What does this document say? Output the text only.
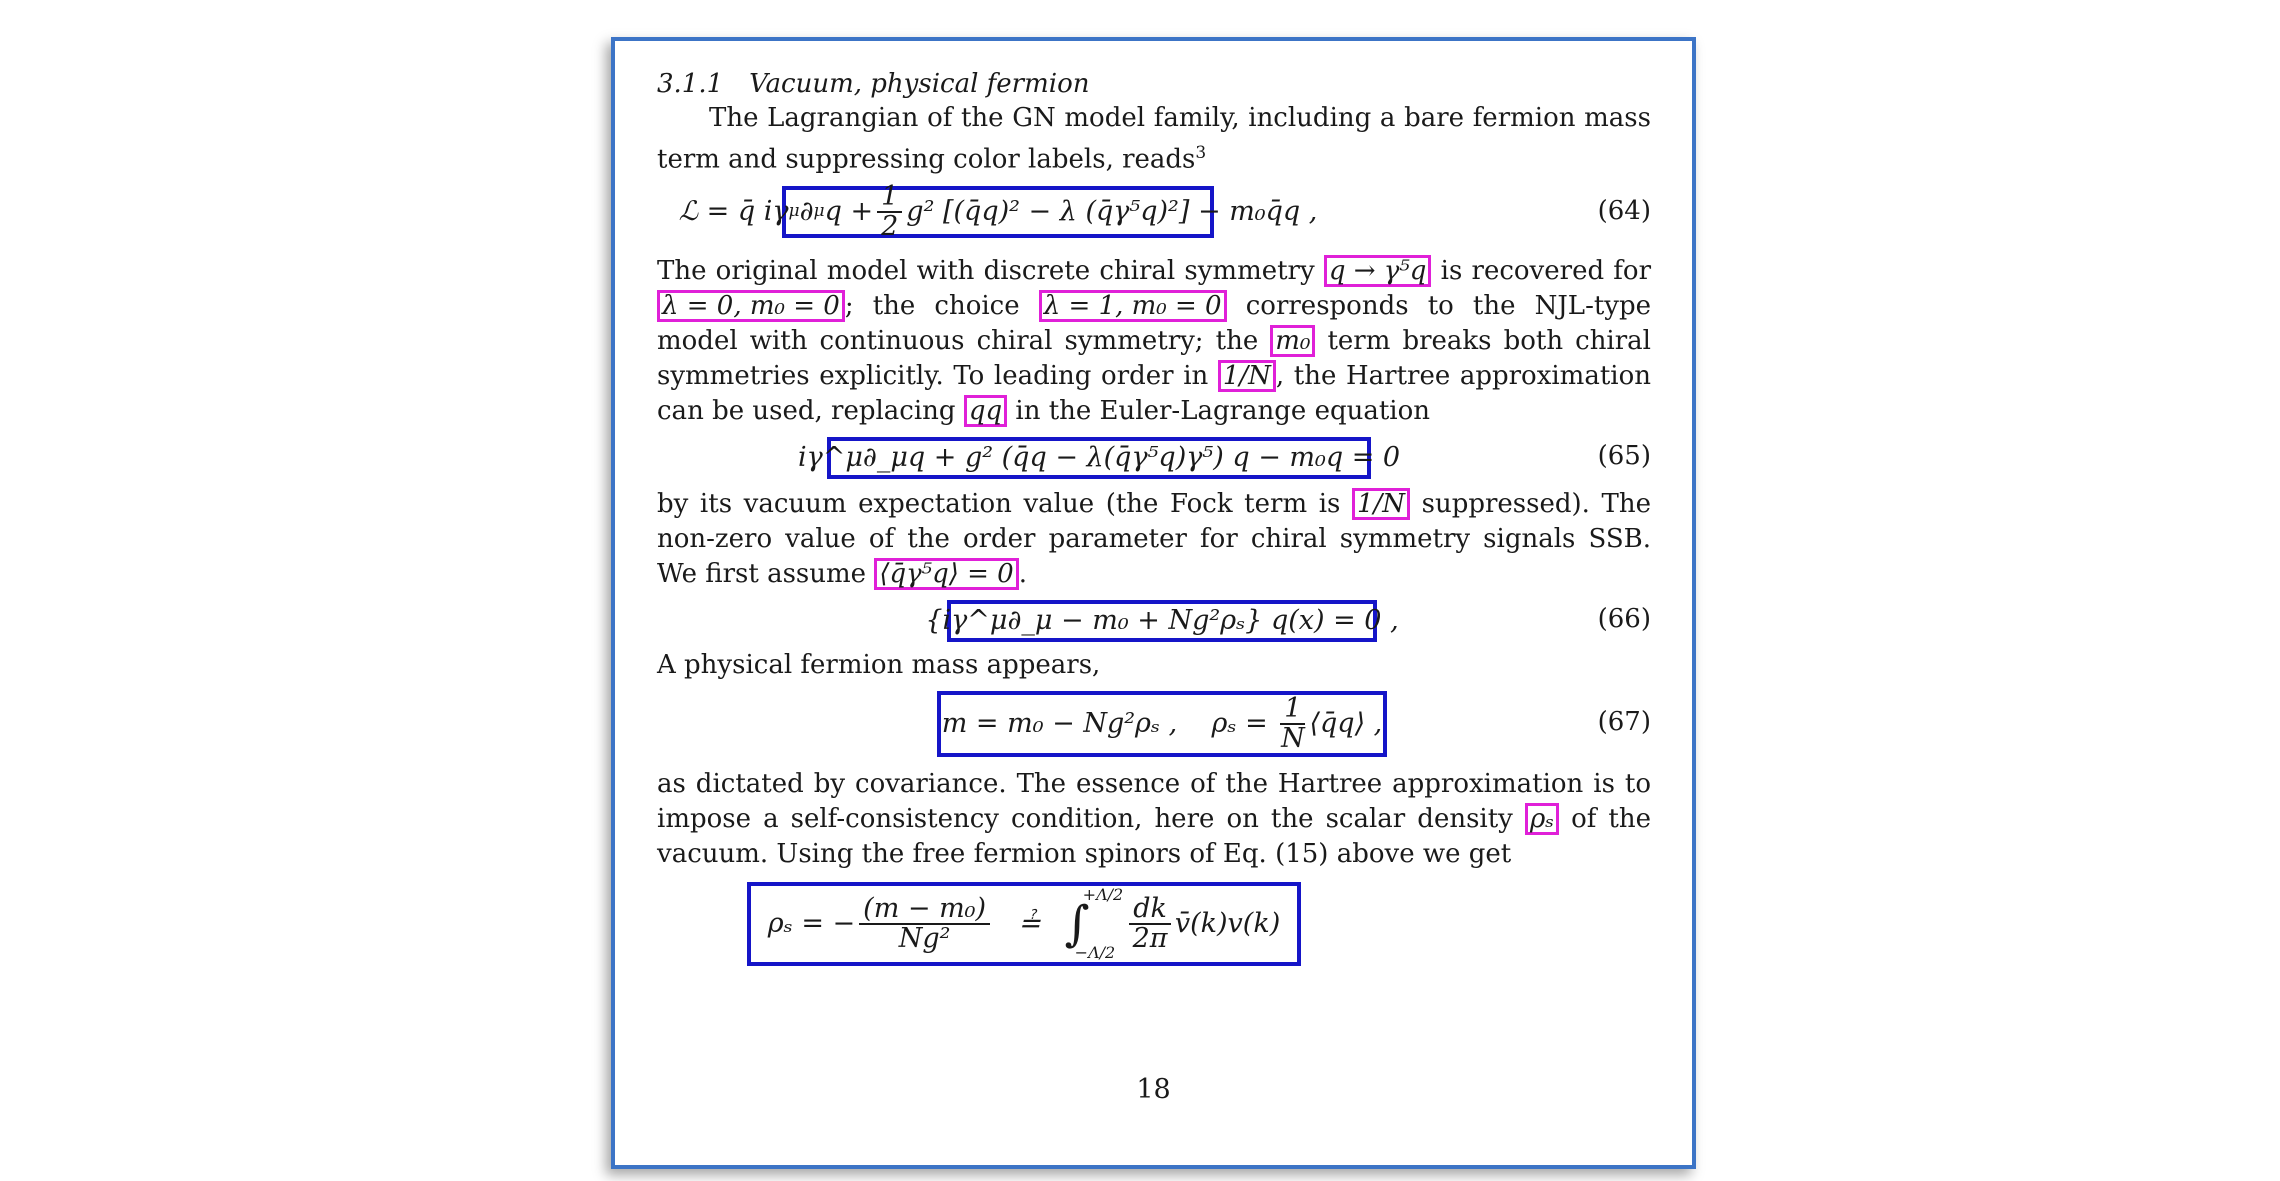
3.1.1 Vacuum, physical fermion

The Lagrangian of the GN model family, including a bare fermion mass term and suppressing color labels, reads$^3$

ℒ = q̄ iγ μ ∂ μ $q + \frac{1}{2} g^2$ [(q̄q)² − λ (q̄γ⁵q)²] − m₀q̄q ,	(64)

The original model with discrete chiral symmetry q → γ⁵q is recovered for λ = 0, m₀ = 0 ; the choice λ = 1, m₀ = 0 corresponds to the NJL-type model with continuous chiral symmetry; the m₀ term breaks both chiral symmetries explicitly. To leading order in 1/N , the Hartree approximation can be used, replacing qq in the Euler-Lagrange equation

iγ^μ∂_μq + g² (q̄q − λ(q̄γ⁵q)γ⁵) q − m₀q = 0	(65)

by its vacuum expectation value (the Fock term is 1/N suppressed). The non-zero value of the order parameter for chiral symmetry signals SSB. We first assume ⟨q̄γ⁵q⟩ = 0 .

{iγ^μ∂_μ − m₀ + Ng²ρₛ} q(x) = 0 ,	(66)

A physical fermion mass appears,

m = m₀ − Ng²ρₛ ,    $\rho_s = \frac{1}{N}$ ⟨q̄q⟩ ,	(67)

as dictated by covariance. The essence of the Hartree approximation is to impose a self-consistency condition, here on the scalar density ρₛ of the vacuum. Using the free fermion spinors of Eq. (15) above we get

ρₛ = − $\frac{\text{(m − m₀)}}{\text{Ng²}}$ ≟
+Λ/2
∫
$-\Lambda/2 \frac{dk}{2\pi}$ v̄(k)v(k)
18
